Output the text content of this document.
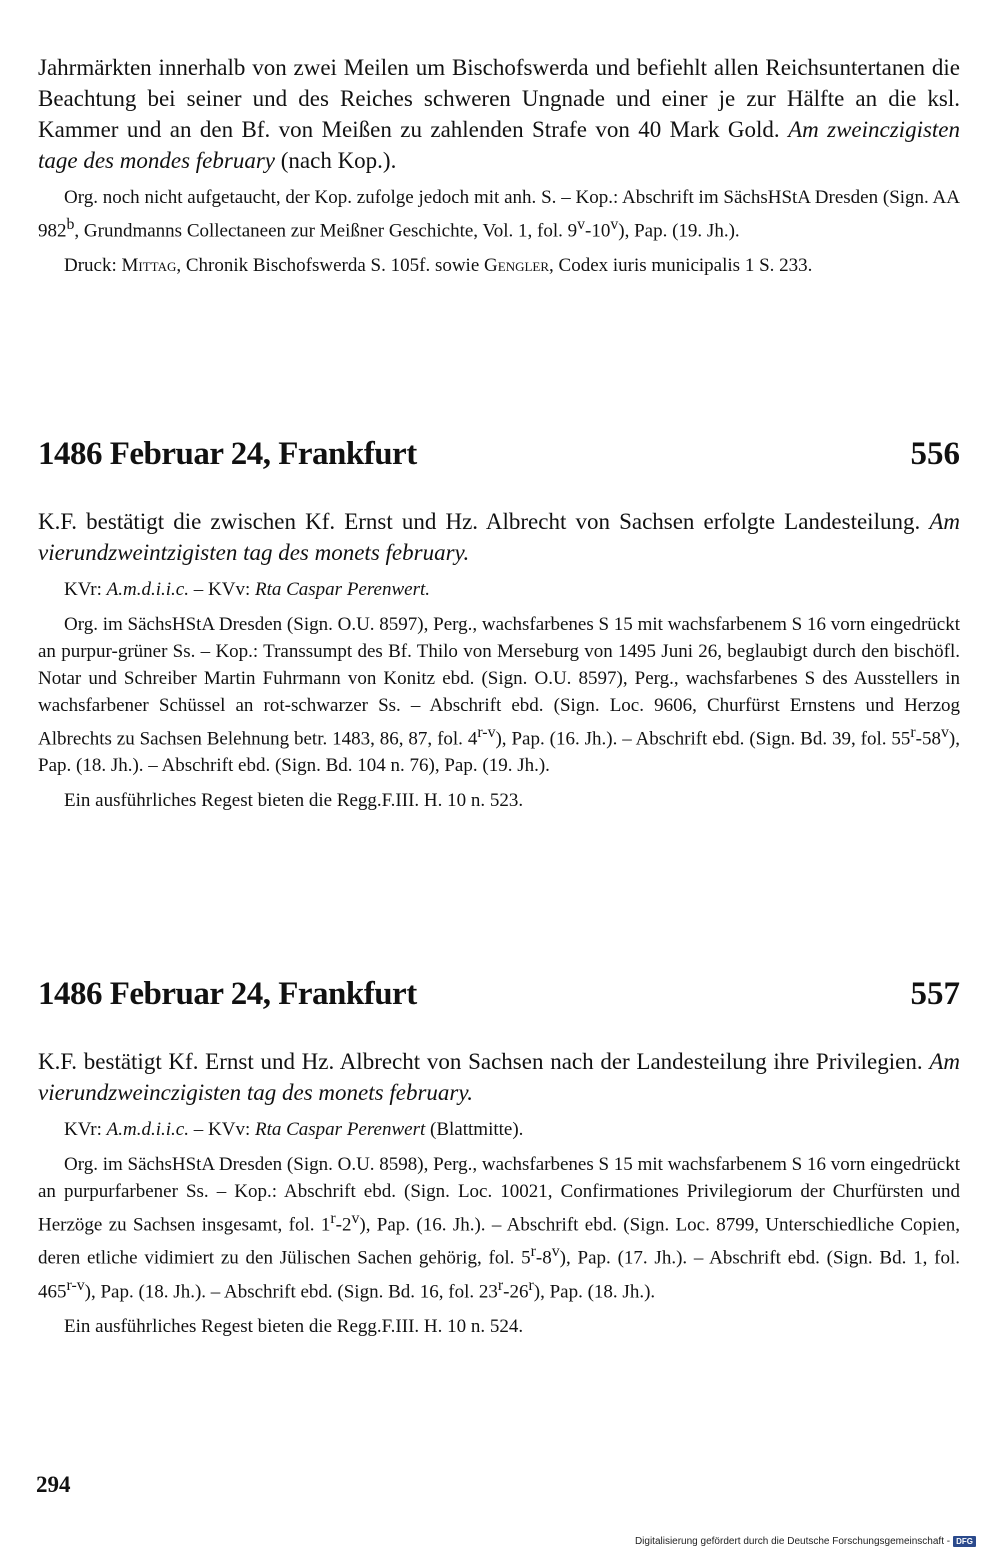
Jahrmärkten innerhalb von zwei Meilen um Bischofswerda und befiehlt allen Reichsuntertanen die Beachtung bei seiner und des Reiches schweren Ungnade und einer je zur Hälfte an die ksl. Kammer und an den Bf. von Meißen zu zahlenden Strafe von 40 Mark Gold. Am zweinczigisten tage des mondes february (nach Kop.).

Org. noch nicht aufgetaucht, der Kop. zufolge jedoch mit anh. S. – Kop.: Abschrift im SächsHStA Dresden (Sign. AA 982$^b$, Grundmanns Collectaneen zur Meißner Geschichte, Vol. 1, fol. 9$^v$-10$^v$), Pap. (19. Jh.).

Druck: Mittag, Chronik Bischofswerda S. 105f. sowie Gengler, Codex iuris municipalis 1 S. 233.

1486 Februar 24, Frankfurt	556

K.F. bestätigt die zwischen Kf. Ernst und Hz. Albrecht von Sachsen erfolgte Landesteilung. Am vierundzweintzigisten tag des monets february.

KVr: A.m.d.i.i.c. – KVv: Rta Caspar Perenwert.

Org. im SächsHStA Dresden (Sign. O.U. 8597), Perg., wachsfarbenes S 15 mit wachsfarbenem S 16 vorn eingedrückt an purpur-grüner Ss. – Kop.: Transsumpt des Bf. Thilo von Merseburg von 1495 Juni 26, beglaubigt durch den bischöfl. Notar und Schreiber Martin Fuhrmann von Konitz ebd. (Sign. O.U. 8597), Perg., wachsfarbenes S des Ausstellers in wachsfarbener Schüssel an rot-schwarzer Ss. – Abschrift ebd. (Sign. Loc. 9606, Churfürst Ernstens und Herzog Albrechts zu Sachsen Belehnung betr. 1483, 86, 87, fol. 4$^{r-v}$), Pap. (16. Jh.). – Abschrift ebd. (Sign. Bd. 39, fol. 55$^r$-58$^v$), Pap. (18. Jh.). – Abschrift ebd. (Sign. Bd. 104 n. 76), Pap. (19. Jh.).

Ein ausführliches Regest bieten die Regg.F.III. H. 10 n. 523.

1486 Februar 24, Frankfurt	557

K.F. bestätigt Kf. Ernst und Hz. Albrecht von Sachsen nach der Landesteilung ihre Privilegien. Am vierundzweinczigisten tag des monets february.

KVr: A.m.d.i.i.c. – KVv: Rta Caspar Perenwert (Blattmitte).

Org. im SächsHStA Dresden (Sign. O.U. 8598), Perg., wachsfarbenes S 15 mit wachsfarbenem S 16 vorn eingedrückt an purpurfarbener Ss. – Kop.: Abschrift ebd. (Sign. Loc. 10021, Confirmationes Privilegiorum der Churfürsten und Herzöge zu Sachsen insgesamt, fol. 1$^r$-2$^v$), Pap. (16. Jh.). – Abschrift ebd. (Sign. Loc. 8799, Unterschiedliche Copien, deren etliche vidimiert zu den Jülischen Sachen gehörig, fol. 5$^r$-8$^v$), Pap. (17. Jh.). – Abschrift ebd. (Sign. Bd. 1, fol. 465$^{r-v}$), Pap. (18. Jh.). – Abschrift ebd. (Sign. Bd. 16, fol. 23$^r$-26$^r$), Pap. (18. Jh.).

Ein ausführliches Regest bieten die Regg.F.III. H. 10 n. 524.

294
Digitalisierung gefördert durch die Deutsche Forschungsgemeinschaft - DFG
